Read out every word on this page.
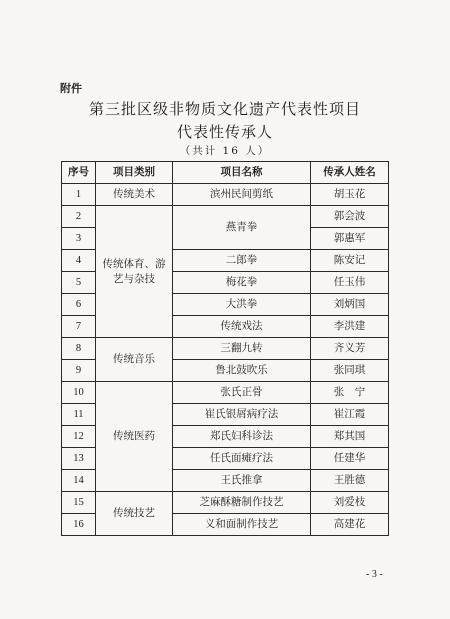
附件
第三批区级非物质文化遗产代表性项目
代表性传承人
（共计 16 人）
序号	项目类别	项目名称	传承人姓名
1	传统美术	滨州民间剪纸	胡玉花
2	传统体育、游艺与杂技	燕青拳	郭会波
3			郭惠军
4		二郎拳	陈安记
5		梅花拳	任玉伟
6		大洪拳	刘炳国
7		传统戏法	李洪建
8	传统音乐	三翻九转	齐义芳
9		鲁北鼓吹乐	张同琪
10	传统医药	张氏正骨	张　宁
11		崔氏银屑病疗法	崔江霞
12		郑氏妇科诊法	郑其国
13		任氏面瘫疗法	任建华
14		王氏推拿	王胜德
15	传统技艺	芝麻酥糖制作技艺	刘爱枝
16		义和面制作技艺	高建花
- 3 -
